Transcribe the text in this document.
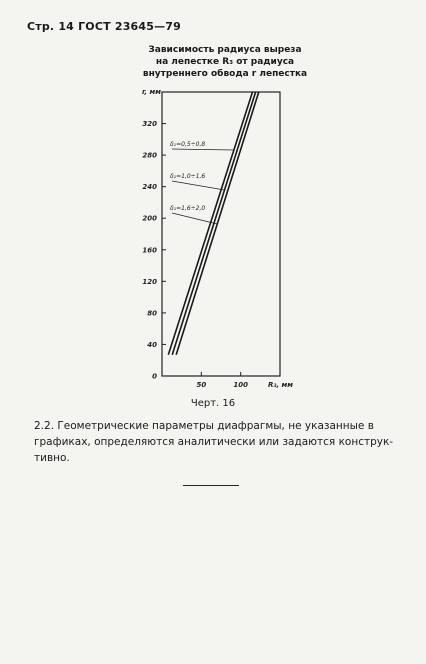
Стр. 14 ГОСТ 23645—79
Зависимость радиуса выреза
на лепестке R₃ от радиуса
внутреннего обвода r лепестка
40
80
120
160
200
240
280
320
0
r, мм
50	100	R₃, мм
δ₁=0,5÷0,8
δ₁=1,0÷1,6
δ₁=1,6÷2,0
Черт. 16
2.2. Геометрические параметры диафрагмы, не указанные в
графиках, определяются аналитически или задаются конструк-
тивно.
